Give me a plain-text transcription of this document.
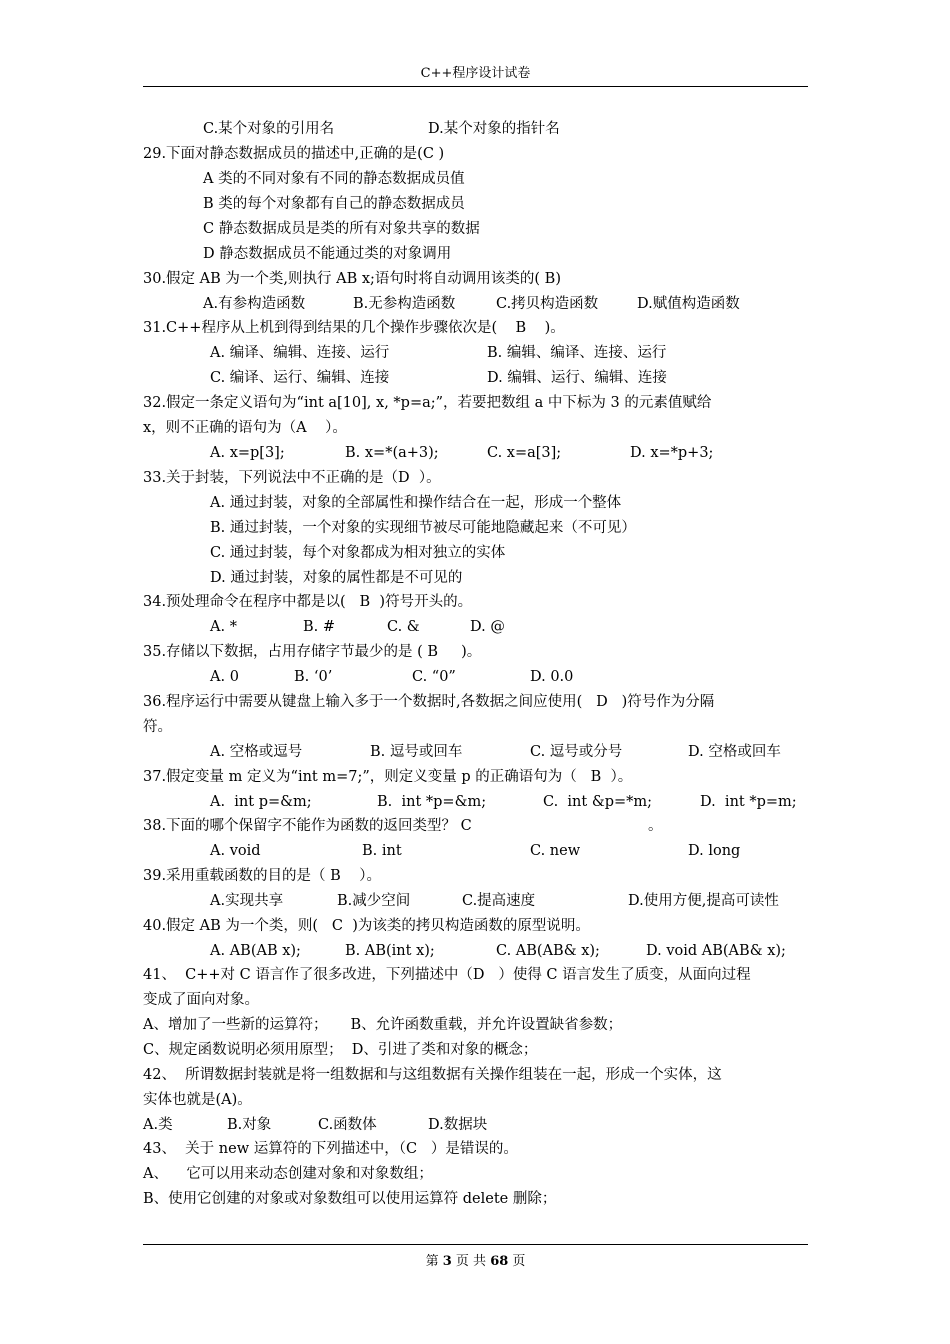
C++程序设计试卷

C.某个对象的引用名

	D.某个对象的指针名

29.下面对静态数据成员的描述中,正确的是(C )
A 类的不同对象有不同的静态数据成员值
B 类的每个对象都有自己的静态数据成员
C 静态数据成员是类的所有对象共享的数据
D 静态数据成员不能通过类的对象调用
30.假定 AB 为一个类,则执行 AB x;语句时将自动调用该类的( B)

A.有参构造函数

	B.无参构造函数

	C.拷贝构造函数

	D.赋值构造函数

31.C++程序从上机到得到结果的几个操作步骤依次是(    B    )。

A. 编译、编辑、连接、运行

	B. 编辑、编译、连接、运行

C. 编译、运行、编辑、连接

	D. 编辑、运行、编辑、连接

32.假定一条定义语句为“int a[10], x, *p=a;”，若要把数组 a 中下标为 3 的元素值赋给
x，则不正确的语句为（A    ）。

A. x=p[3];

	B. x=*(a+3);

	C. x=a[3];

	D. x=*p+3;

33.关于封装，下列说法中不正确的是（D  ）。
A. 通过封装，对象的全部属性和操作结合在一起，形成一个整体
B. 通过封装，一个对象的实现细节被尽可能地隐藏起来（不可见）
C. 通过封装，每个对象都成为相对独立的实体
D. 通过封装，对象的属性都是不可见的
34.预处理命令在程序中都是以(   B  )符号开头的。

A. *

	B. #

	C. &

	D. @

35.存储以下数据，占用存储字节最少的是 ( B     )。

A. 0

	B. ‘0’

	C. “0”

	D. 0.0

36.程序运行中需要从键盘上输入多于一个数据时,各数据之间应使用(   D   )符号作为分隔
符。

A. 空格或逗号

	B. 逗号或回车

	C. 逗号或分号

	D. 空格或回车

37.假定变量 m 定义为“int m=7;”，则定义变量 p 的正确语句为（   B  ）。

A.  int p=&m;

	B.  int *p=&m;

	C.  int &p=*m;

	D.  int *p=m;

38.下面的哪个保留字不能作为函数的返回类型？ C	。

A. void

	B. int

	C. new

	D. long

39.采用重载函数的目的是（ B    ）。

A.实现共享

	B.减少空间

	C.提高速度

	D.使用方便,提高可读性

40.假定 AB 为一个类，则(   C  )为该类的拷贝构造函数的原型说明。

A. AB(AB x);

	B. AB(int x);

	C. AB(AB& x);

	D. void AB(AB& x);

41、  C++对 C 语言作了很多改进，下列描述中（D   ）使得 C 语言发生了质变，从面向过程
变成了面向对象。
A、增加了一些新的运算符；     B、允许函数重载，并允许设置缺省参数；
C、规定函数说明必须用原型；  D、引进了类和对象的概念；
42、  所谓数据封装就是将一组数据和与这组数据有关操作组装在一起，形成一个实体，这
实体也就是(A)。

A.类

	B.对象

	C.函数体

	D.数据块

43、  关于 new 运算符的下列描述中，（C   ）是错误的。
A、    它可以用来动态创建对象和对象数组；
B、使用它创建的对象或对象数组可以使用运算符 delete 删除；
第 3 页 共 68 页
